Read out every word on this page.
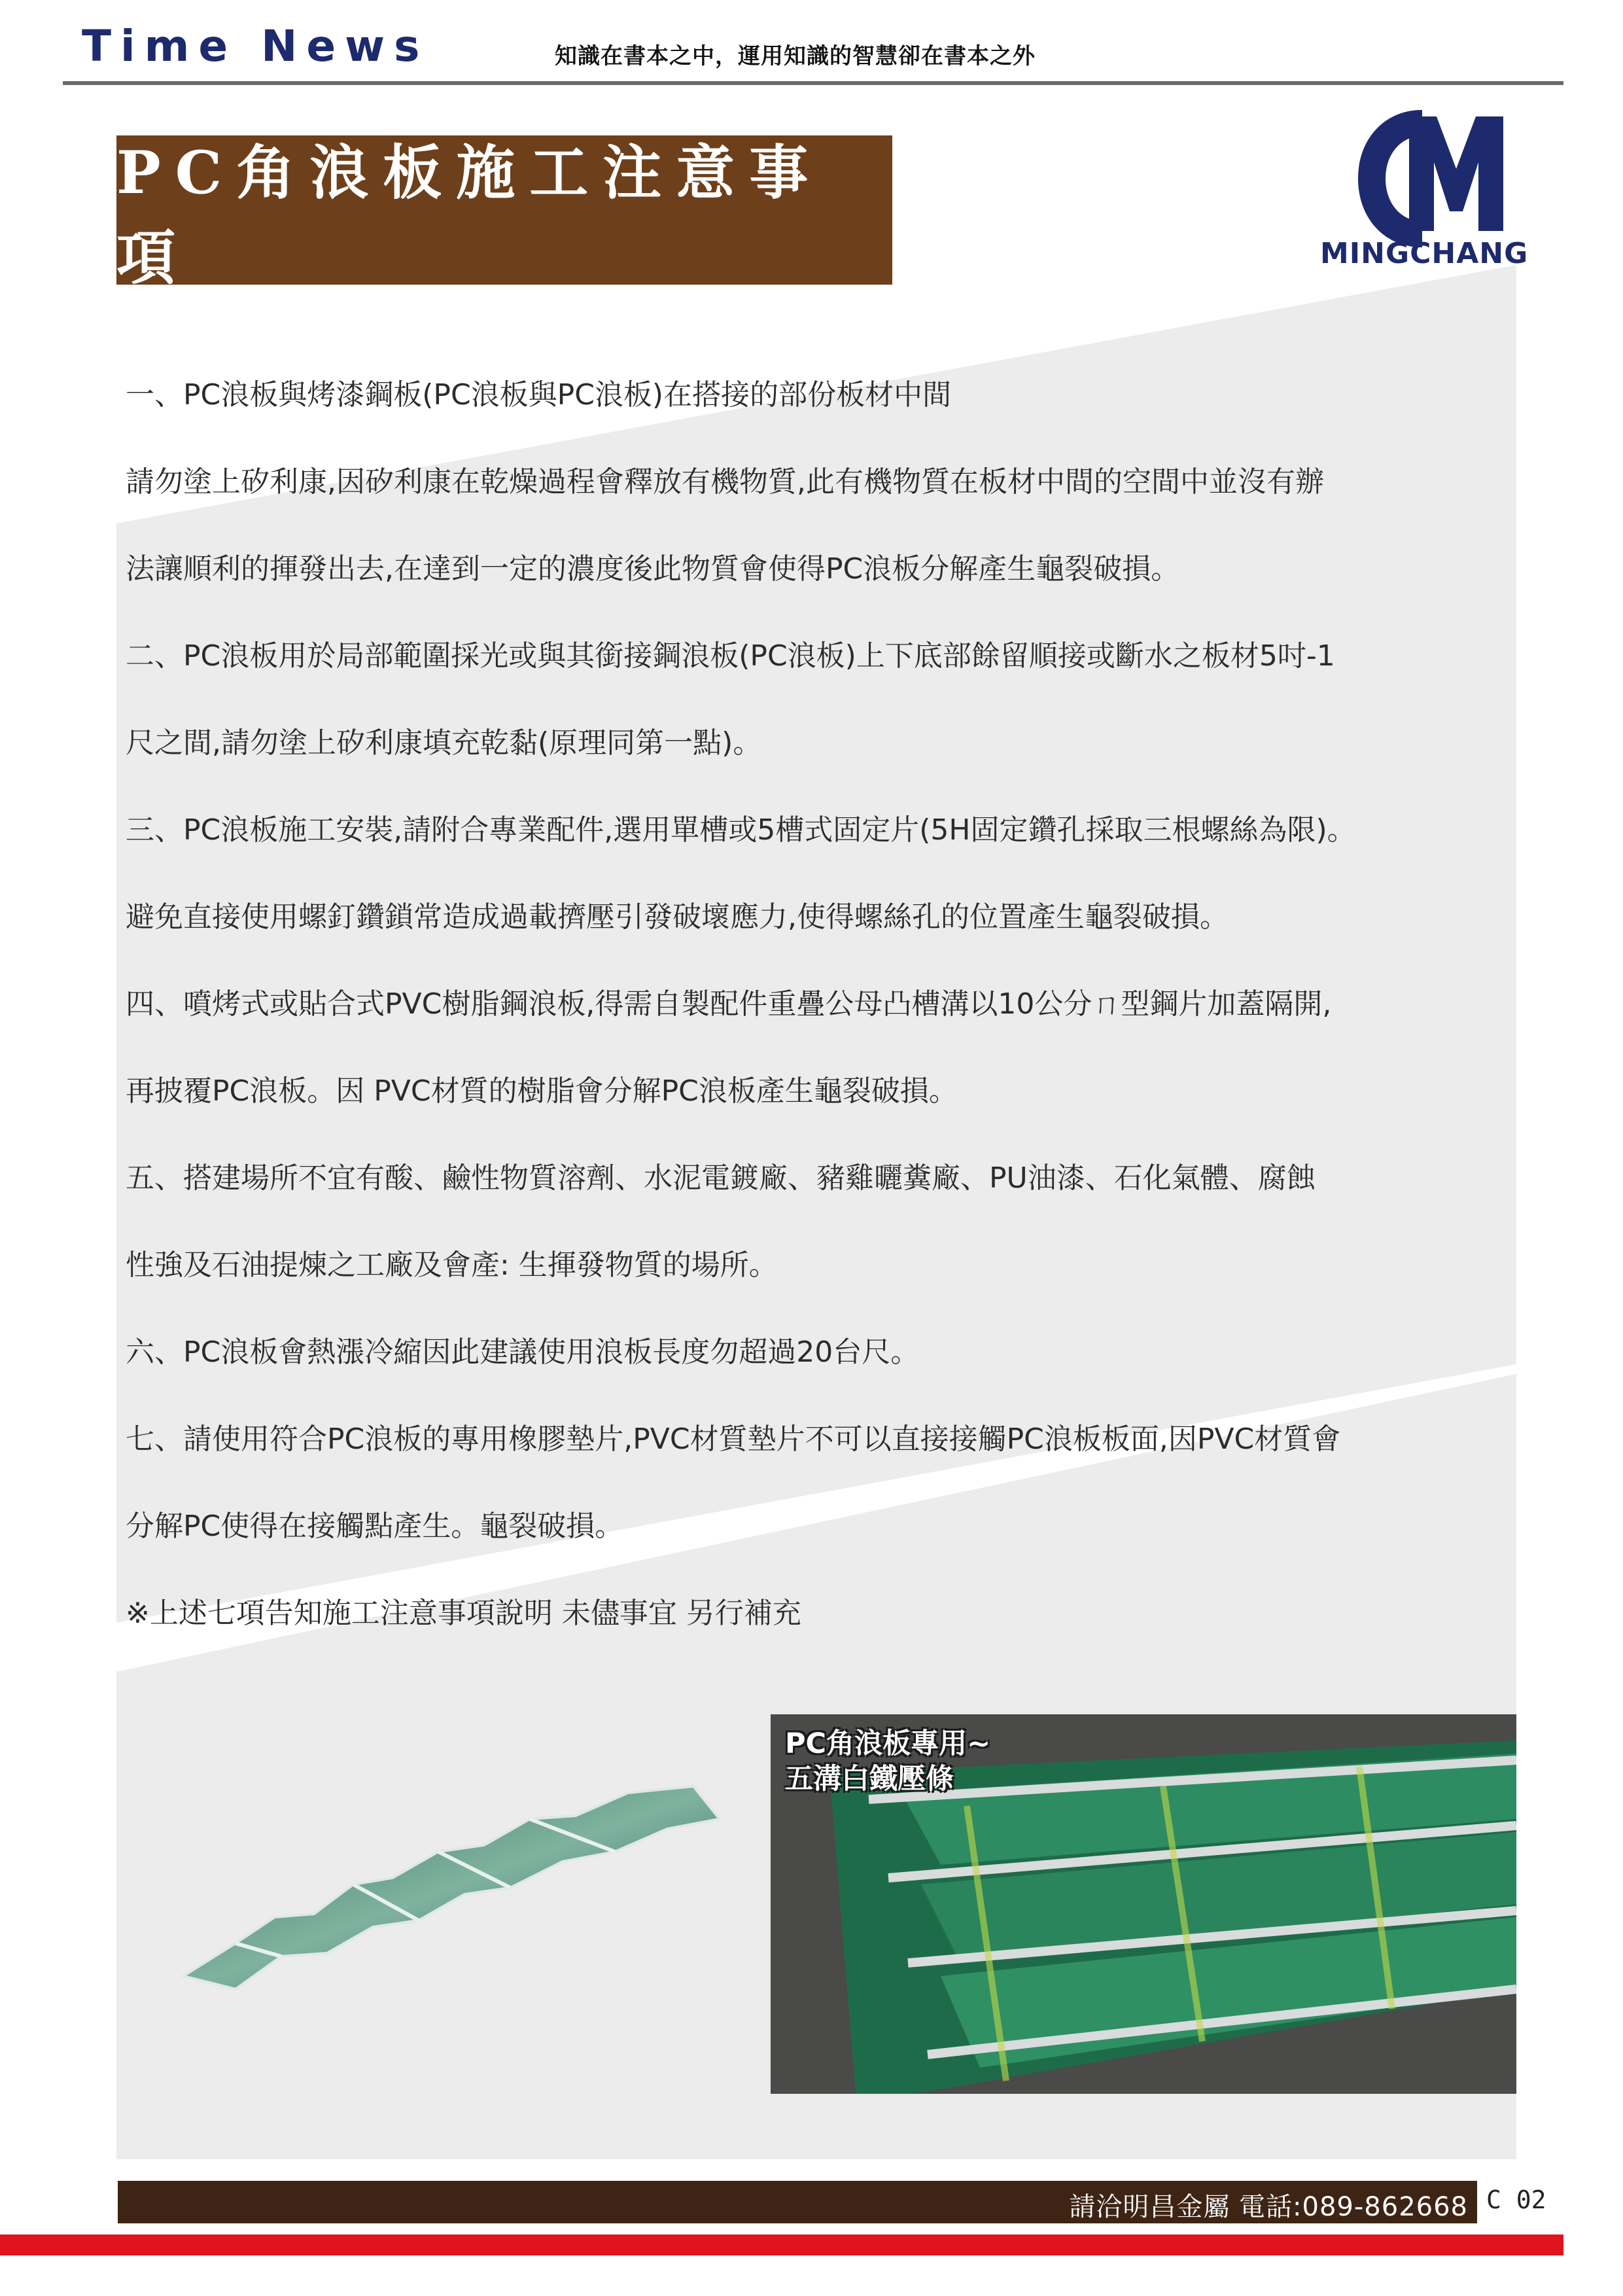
Time News	知識在書本之中，運用知識的智慧卻在書本之外
PC角浪板施工注意事項	MINGCHANG

一、PC浪板與烤漆鋼板(PC浪板與PC浪板)在搭接的部份板材中間

請勿塗上矽利康,因矽利康在乾燥過程會釋放有機物質,此有機物質在板材中間的空間中並沒有辦

法讓順利的揮發出去,在達到一定的濃度後此物質會使得PC浪板分解產生龜裂破損。

二、PC浪板用於局部範圍採光或與其銜接鋼浪板(PC浪板)上下底部餘留順接或斷水之板材5吋-1

尺之間,請勿塗上矽利康填充乾黏(原理同第一點)。

三、PC浪板施工安裝,請附合專業配件,選用單槽或5槽式固定片(5H固定鑽孔採取三根螺絲為限)。

避免直接使用螺釘鑽鎖常造成過載擠壓引發破壞應力,使得螺絲孔的位置產生龜裂破損。

四、噴烤式或貼合式PVC樹脂鋼浪板,得需自製配件重疊公母凸槽溝以10公分ㄇ型鋼片加蓋隔開,

再披覆PC浪板。因 PVC材質的樹脂會分解PC浪板產生龜裂破損。

五、搭建場所不宜有酸、鹼性物質溶劑、水泥電鍍廠、豬雞曬糞廠、PU油漆、石化氣體、腐蝕

性強及石油提煉之工廠及會產: 生揮發物質的場所。

六、PC浪板會熱漲冷縮因此建議使用浪板長度勿超過20台尺。

七、請使用符合PC浪板的專用橡膠墊片,PVC材質墊片不可以直接接觸PC浪板板面,因PVC材質會

分解PC使得在接觸點產生。龜裂破損。

※上述七項告知施工注意事項說明 未儘事宜 另行補充

PC角浪板專用~
五溝白鐵壓條
請洽明昌金屬 電話:089-862668 C 02
